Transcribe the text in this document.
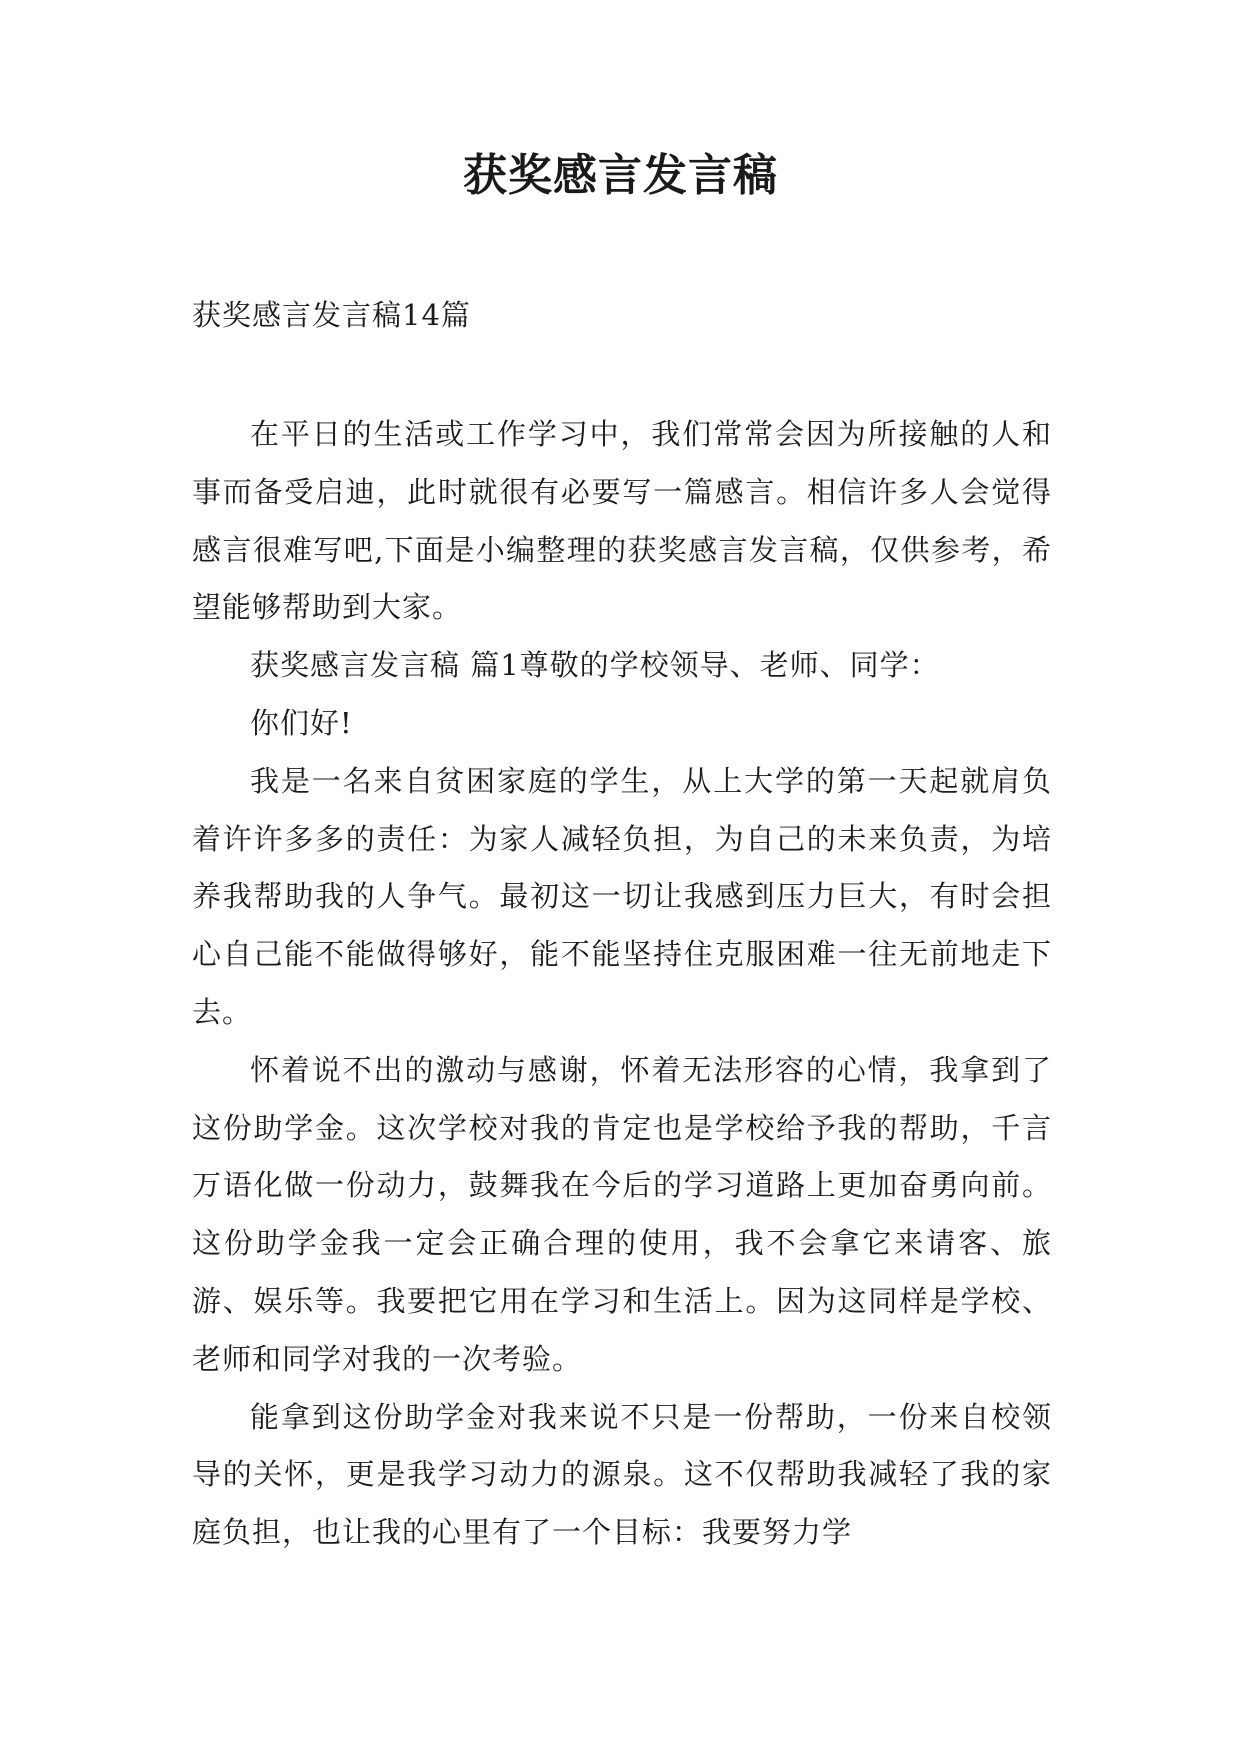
获奖感言发言稿
获奖感言发言稿14篇

在平日的生活或工作学习中，我们常常会因为所接触的人和事而备受启迪，此时就很有必要写一篇感言。相信许多人会觉得感言很难写吧,下面是小编整理的获奖感言发言稿，仅供参考，希望能够帮助到大家。

获奖感言发言稿 篇1尊敬的学校领导、老师、同学：

你们好!

我是一名来自贫困家庭的学生，从上大学的第一天起就肩负着许许多多的责任：为家人减轻负担，为自己的未来负责，为培养我帮助我的人争气。最初这一切让我感到压力巨大，有时会担心自己能不能做得够好，能不能坚持住克服困难一往无前地走下去。

怀着说不出的激动与感谢，怀着无法形容的心情，我拿到了这份助学金。这次学校对我的肯定也是学校给予我的帮助，千言万语化做一份动力，鼓舞我在今后的学习道路上更加奋勇向前。 这份助学金我一定会正确合理的使用，我不会拿它来请客、旅游、娱乐等。我要把它用在学习和生活上。因为这同样是学校、老师和同学对我的一次考验。

能拿到这份助学金对我来说不只是一份帮助，一份来自校领导的关怀，更是我学习动力的源泉。这不仅帮助我减轻了我的家庭负担，也让我的心里有了一个目标：我要努力学
